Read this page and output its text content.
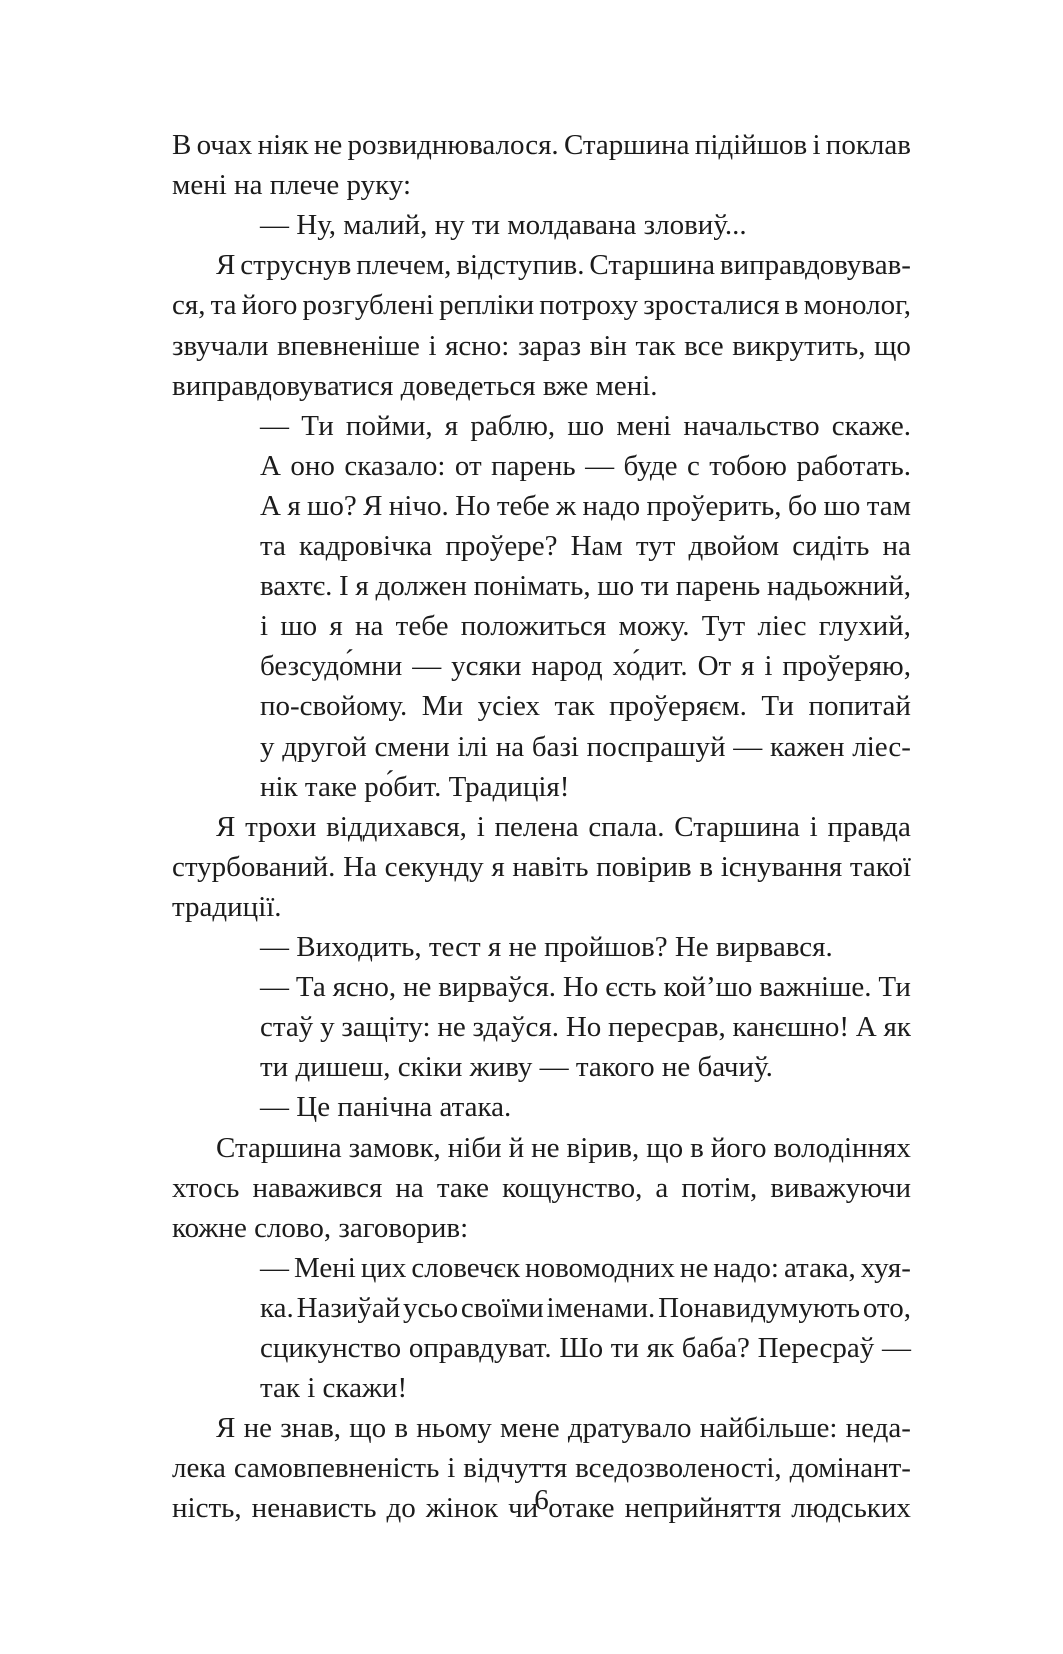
В очах ніяк не розвиднювалося. Старшина підійшов і поклав
мені на плече руку:
— Ну, малий, ну ти молдавана зловиў...
Я струснув плечем, відступив. Старшина виправдовував-
ся, та його розгублені репліки потроху зросталися в монолог,
звучали впевненіше і ясно: зараз він так все викрутить, що
виправдовуватися доведеться вже мені.
— Ти пойми, я раблю, шо мені начальство скаже.
А оно сказало: от парень — буде с тобою работать.
А я шо? Я нічо. Но тебе ж надо проўерить, бо шо там
та кадровічка проўере? Нам тут двойом сидіть на
вахтє. І я должен понімать, шо ти парень надьожний,
і шо я на тебе положиться можу. Тут ліес глухий,
безсудо́мни — усяки народ хо́дит. От я і проўеряю,
по-свойому. Ми усіех так проўеряєм. Ти попитай
у другой смени ілі на базі поспрашуй — кажен ліес-
нік таке ро́бит. Традиція!
Я трохи віддихався, і пелена спала. Старшина і правда
стурбований. На секунду я навіть повірив в існування такої
традиції.
— Виходить, тест я не пройшов? Не вирвався.
— Та ясно, не вирваўся. Но єсть кой’шо важніше. Ти
стаў у защіту: не здаўся. Но пересрав, канєшно! А як
ти дишеш, скіки живу — такого не бачиў.
— Це панічна атака.
Старшина замовк, ніби й не вірив, що в його володіннях
хтось наважився на таке кощунство, а потім, виважуючи
кожне слово, заговорив:
— Мені цих словечєк новомодних не надо: атака, хуя-
ка. Назиўай усьо своїми іменами. Понавидумують ото,
сцикунство оправдуват. Шо ти як баба? Пересраў —
так і скажи!
Я не знав, що в ньому мене дратувало найбільше: неда-
лека самовпевненість і відчуття вседозволеності, домінант-
ність, ненависть до жінок чи отаке неприйняття людських
6
